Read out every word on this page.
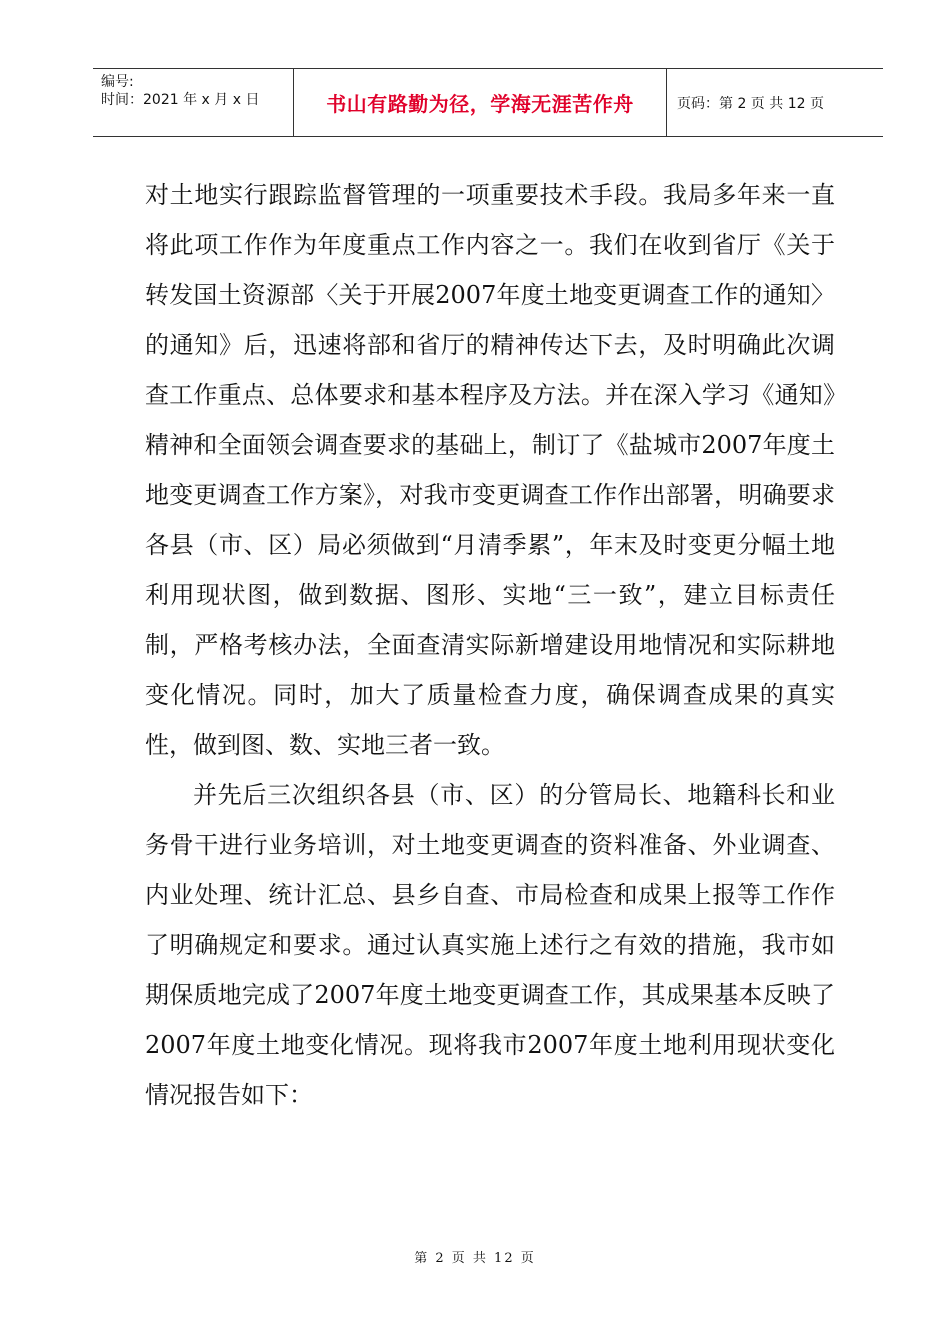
编号:
时间：2021 年 x 月 x 日	书山有路勤为径，学海无涯苦作舟	页码：第 2 页 共 12 页

对土地实行跟踪监督管理的一项重要技术手段。我局多年来一直将此项工作作为年度重点工作内容之一。我们在收到省厅《关于转发国土资源部〈关于开展2007年度土地变更调查工作的通知〉的通知》后，迅速将部和省厅的精神传达下去，及时明确此次调查工作重点、总体要求和基本程序及方法。并在深入学习《通知》精神和全面领会调查要求的基础上，制订了《盐城市2007年度土地变更调查工作方案》，对我市变更调查工作作出部署，明确要求各县（市、区）局必须做到“月清季累”，年末及时变更分幅土地利用现状图，做到数据、图形、实地“三一致”，建立目标责任制，严格考核办法，全面查清实际新增建设用地情况和实际耕地变化情况。同时，加大了质量检查力度，确保调查成果的真实性，做到图、数、实地三者一致。

并先后三次组织各县（市、区）的分管局长、地籍科长和业务骨干进行业务培训，对土地变更调查的资料准备、外业调查、内业处理、统计汇总、县乡自查、市局检查和成果上报等工作作了明确规定和要求。通过认真实施上述行之有效的措施，我市如期保质地完成了2007年度土地变更调查工作，其成果基本反映了2007年度土地变化情况。现将我市2007年度土地利用现状变化情况报告如下：

第 2 页 共 12 页
